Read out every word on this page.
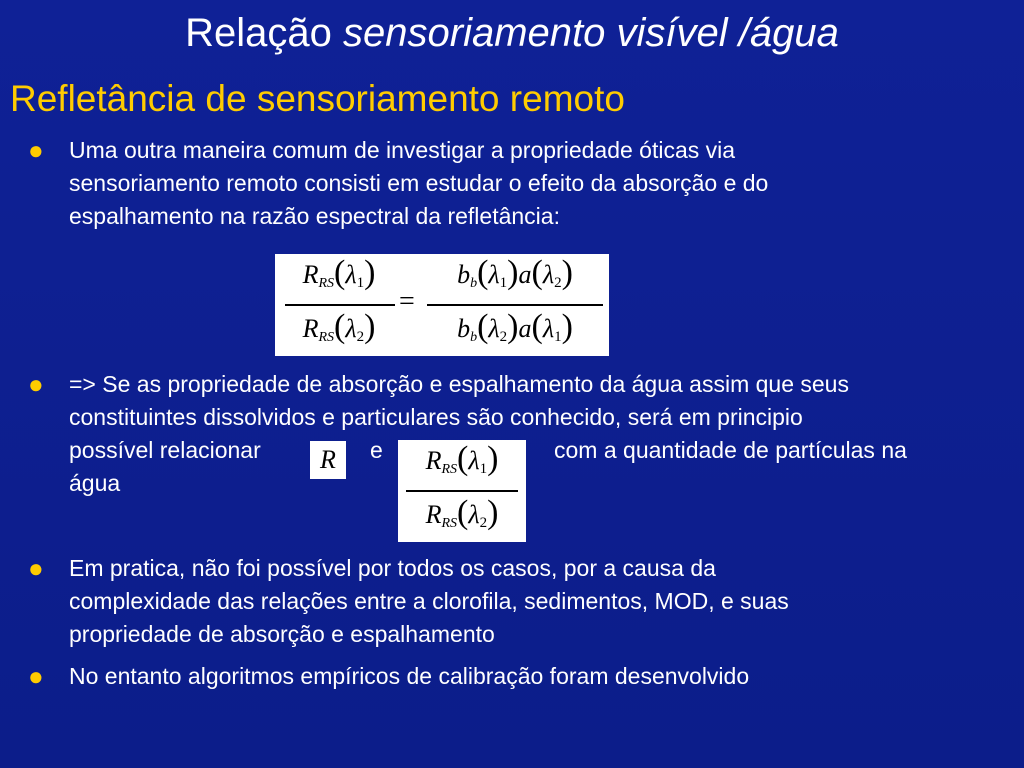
Relação sensoriamento visível /água
Refletância de sensoriamento remoto
● Uma outra maneira comum de investigar a propriedade óticas via
sensoriamento remoto consisti em estudar o efeito da absorção e do
espalhamento na razão espectral da refletância:
$R_{RS}(\lambda_1)$
$R_{RS}(\lambda_2)$
=
$b_b(\lambda_1)a(\lambda_2)$
$b_b(\lambda_2)a(\lambda_1)$
● => Se as propriedade de absorção e espalhamento da água assim que seus
constituintes dissolvidos e particulares são conhecido, será em principio
possível relacionar	e	com a quantidade de partículas na
água
R	$R_{RS}(\lambda_1)$
$R_{RS}(\lambda_2)$
● Em pratica, não foi possível por todos os casos, por a causa da
complexidade das relações entre a clorofila, sedimentos, MOD, e suas
propriedade de absorção e espalhamento
● No entanto algoritmos empíricos de calibração foram desenvolvido
